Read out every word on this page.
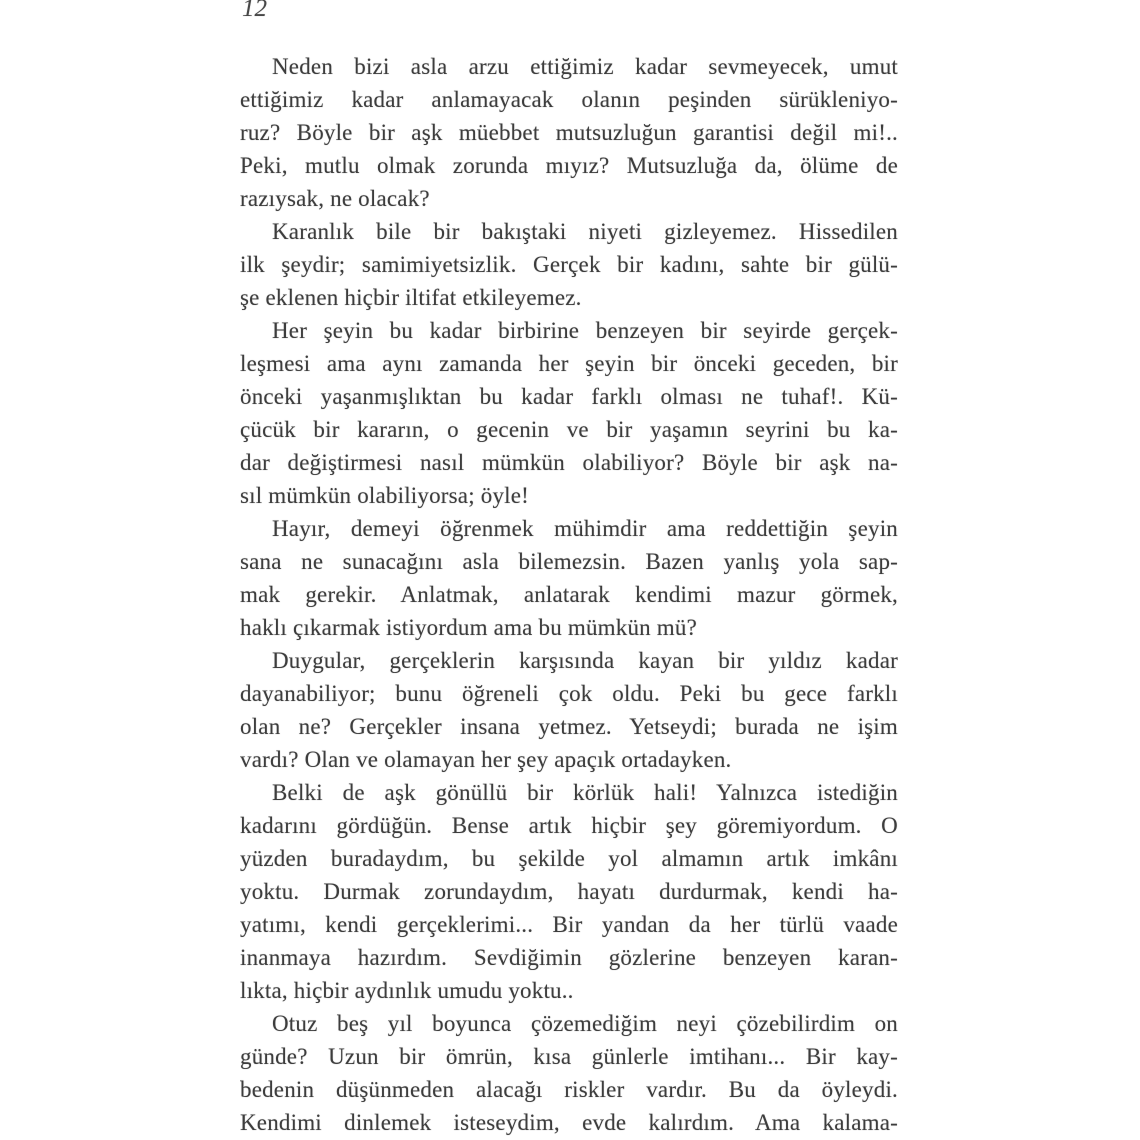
12
Neden bizi asla arzu ettiğimiz kadar sevmeyecek, umut
ettiğimiz kadar anlamayacak olanın peşinden sürükleniyo-
ruz? Böyle bir aşk müebbet mutsuzluğun garantisi değil mi!..
Peki, mutlu olmak zorunda mıyız? Mutsuzluğa da, ölüme de
razıysak, ne olacak?
Karanlık bile bir bakıştaki niyeti gizleyemez. Hissedilen
ilk şeydir; samimiyetsizlik. Gerçek bir kadını, sahte bir gülü-
şe eklenen hiçbir iltifat etkileyemez.
Her şeyin bu kadar birbirine benzeyen bir seyirde gerçek-
leşmesi ama aynı zamanda her şeyin bir önceki geceden, bir
önceki yaşanmışlıktan bu kadar farklı olması ne tuhaf!. Kü-
çücük bir kararın, o gecenin ve bir yaşamın seyrini bu ka-
dar değiştirmesi nasıl mümkün olabiliyor? Böyle bir aşk na-
sıl mümkün olabiliyorsa; öyle!
Hayır, demeyi öğrenmek mühimdir ama reddettiğin şeyin
sana ne sunacağını asla bilemezsin. Bazen yanlış yola sap-
mak gerekir. Anlatmak, anlatarak kendimi mazur görmek,
haklı çıkarmak istiyordum ama bu mümkün mü?
Duygular, gerçeklerin karşısında kayan bir yıldız kadar
dayanabiliyor; bunu öğreneli çok oldu. Peki bu gece farklı
olan ne? Gerçekler insana yetmez. Yetseydi; burada ne işim
vardı? Olan ve olamayan her şey apaçık ortadayken.
Belki de aşk gönüllü bir körlük hali! Yalnızca istediğin
kadarını gördüğün. Bense artık hiçbir şey göremiyordum. O
yüzden buradaydım, bu şekilde yol almamın artık imkânı
yoktu. Durmak zorundaydım, hayatı durdurmak, kendi ha-
yatımı, kendi gerçeklerimi... Bir yandan da her türlü vaade
inanmaya hazırdım. Sevdiğimin gözlerine benzeyen karan-
lıkta, hiçbir aydınlık umudu yoktu..
Otuz beş yıl boyunca çözemediğim neyi çözebilirdim on
günde? Uzun bir ömrün, kısa günlerle imtihanı... Bir kay-
bedenin düşünmeden alacağı riskler vardır. Bu da öyleydi.
Kendimi dinlemek isteseydim, evde kalırdım. Ama kalama-
